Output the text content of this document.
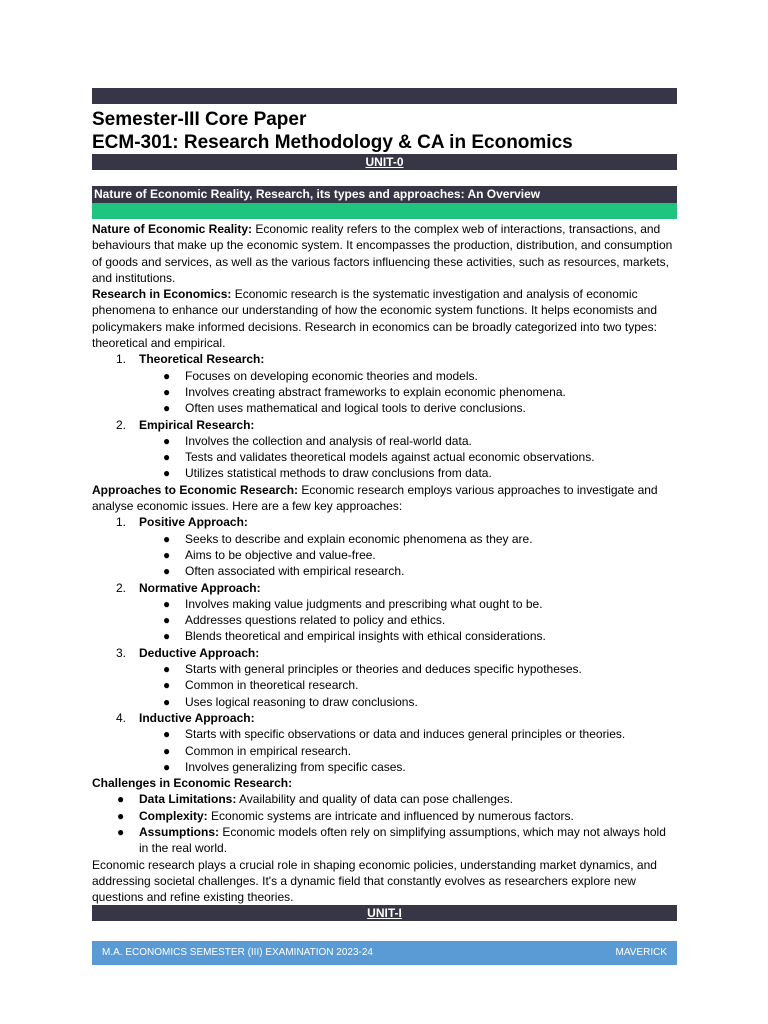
Semester-III Core Paper
ECM-301: Research Methodology & CA in Economics
UNIT-0
Nature of Economic Reality, Research, its types and approaches: An Overview

Nature of Economic Reality: Economic reality refers to the complex web of interactions, transactions, and behaviours that make up the economic system. It encompasses the production, distribution, and consumption of goods and services, as well as the various factors influencing these activities, such as resources, markets, and institutions.

Research in Economics: Economic research is the systematic investigation and analysis of economic phenomena to enhance our understanding of how the economic system functions. It helps economists and policymakers make informed decisions. Research in economics can be broadly categorized into two types: theoretical and empirical.

1.	Theoretical Research:
● Focuses on developing economic theories and models.
● Involves creating abstract frameworks to explain economic phenomena.
● Often uses mathematical and logical tools to derive conclusions.
2.	Empirical Research:
● Involves the collection and analysis of real-world data.
● Tests and validates theoretical models against actual economic observations.
● Utilizes statistical methods to draw conclusions from data.

Approaches to Economic Research: Economic research employs various approaches to investigate and analyse economic issues. Here are a few key approaches:

1.	Positive Approach:
● Seeks to describe and explain economic phenomena as they are.
● Aims to be objective and value-free.
● Often associated with empirical research.
2.	Normative Approach:
● Involves making value judgments and prescribing what ought to be.
● Addresses questions related to policy and ethics.
● Blends theoretical and empirical insights with ethical considerations.
3.	Deductive Approach:
● Starts with general principles or theories and deduces specific hypotheses.
● Common in theoretical research.
● Uses logical reasoning to draw conclusions.
4.	Inductive Approach:
● Starts with specific observations or data and induces general principles or theories.
● Common in empirical research.
● Involves generalizing from specific cases.

Challenges in Economic Research:

● Data Limitations: Availability and quality of data can pose challenges.
● Complexity: Economic systems are intricate and influenced by numerous factors.
● Assumptions: Economic models often rely on simplifying assumptions, which may not always hold in the real world.

Economic research plays a crucial role in shaping economic policies, understanding market dynamics, and addressing societal challenges. It's a dynamic field that constantly evolves as researchers explore new questions and refine existing theories.

UNIT-I
M.A. ECONOMICS SEMESTER (III) EXAMINATION 2023-24	MAVERICK
